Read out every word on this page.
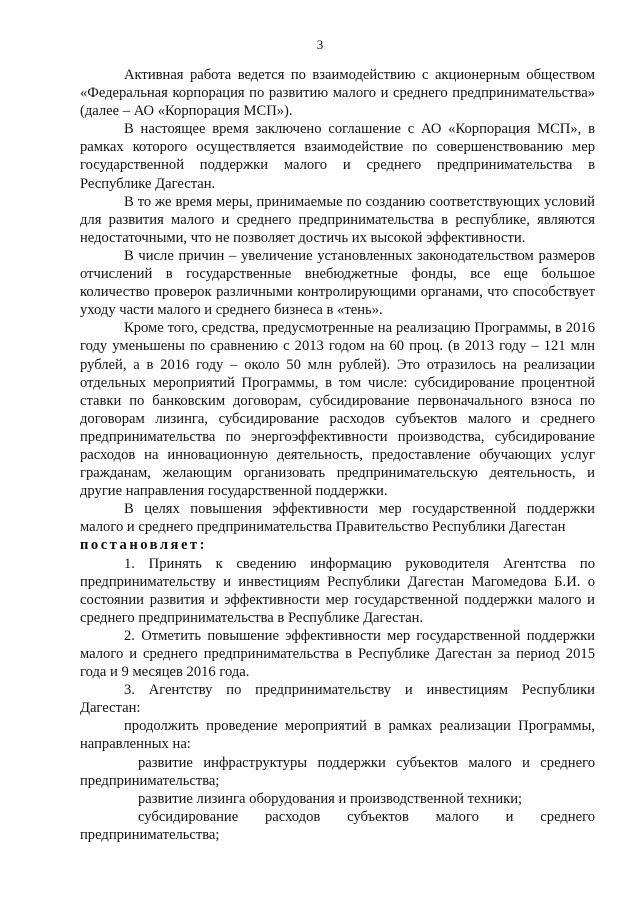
3

Активная работа ведется по взаимодействию с акционерным обществом «Федеральная корпорация по развитию малого и среднего предпринимательства» (далее – АО «Корпорация МСП»).

В настоящее время заключено соглашение с АО «Корпорация МСП», в рамках которого осуществляется взаимодействие по совершенствованию мер государственной поддержки малого и среднего предпринимательства в Республике Дагестан.

В то же время меры, принимаемые по созданию соответствующих условий для развития малого и среднего предпринимательства в республике, являются недостаточными, что не позволяет достичь их высокой эффективности.

В числе причин – увеличение установленных законодательством размеров отчислений в государственные внебюджетные фонды, все еще большое количество проверок различными контролирующими органами, что способствует уходу части малого и среднего бизнеса в «тень».

Кроме того, средства, предусмотренные на реализацию Программы, в 2016 году уменьшены по сравнению с 2013 годом на 60 проц. (в 2013 году – 121 млн рублей, а в 2016 году – около 50 млн рублей). Это отразилось на реализации отдельных мероприятий Программы, в том числе: субсидирование процентной ставки по банковским договорам, субсидирование первоначального взноса по договорам лизинга, субсидирование расходов субъектов малого и среднего предпринимательства по энергоэффективности производства, субсидирование расходов на инновационную деятельность, предоставление обучающих услуг гражданам, желающим организовать предпринимательскую деятельность, и другие направления государственной поддержки.

В целях повышения эффективности мер государственной поддержки малого и среднего предпринимательства Правительство Республики Дагестан

постановляет:

1. Принять к сведению информацию руководителя Агентства по предпринимательству и инвестициям Республики Дагестан Магомедова Б.И. о состоянии развития и эффективности мер государственной поддержки малого и среднего предпринимательства в Республике Дагестан.

2. Отметить повышение эффективности мер государственной поддержки малого и среднего предпринимательства в Республике Дагестан за период 2015 года и 9 месяцев 2016 года.

3. Агентству по предпринимательству и инвестициям Республики Дагестан:

продолжить проведение мероприятий в рамках реализации Программы, направленных на:

развитие инфраструктуры поддержки субъектов малого и среднего предпринимательства;

развитие лизинга оборудования и производственной техники;

субсидирование расходов субъектов малого и среднего предпринимательства;
